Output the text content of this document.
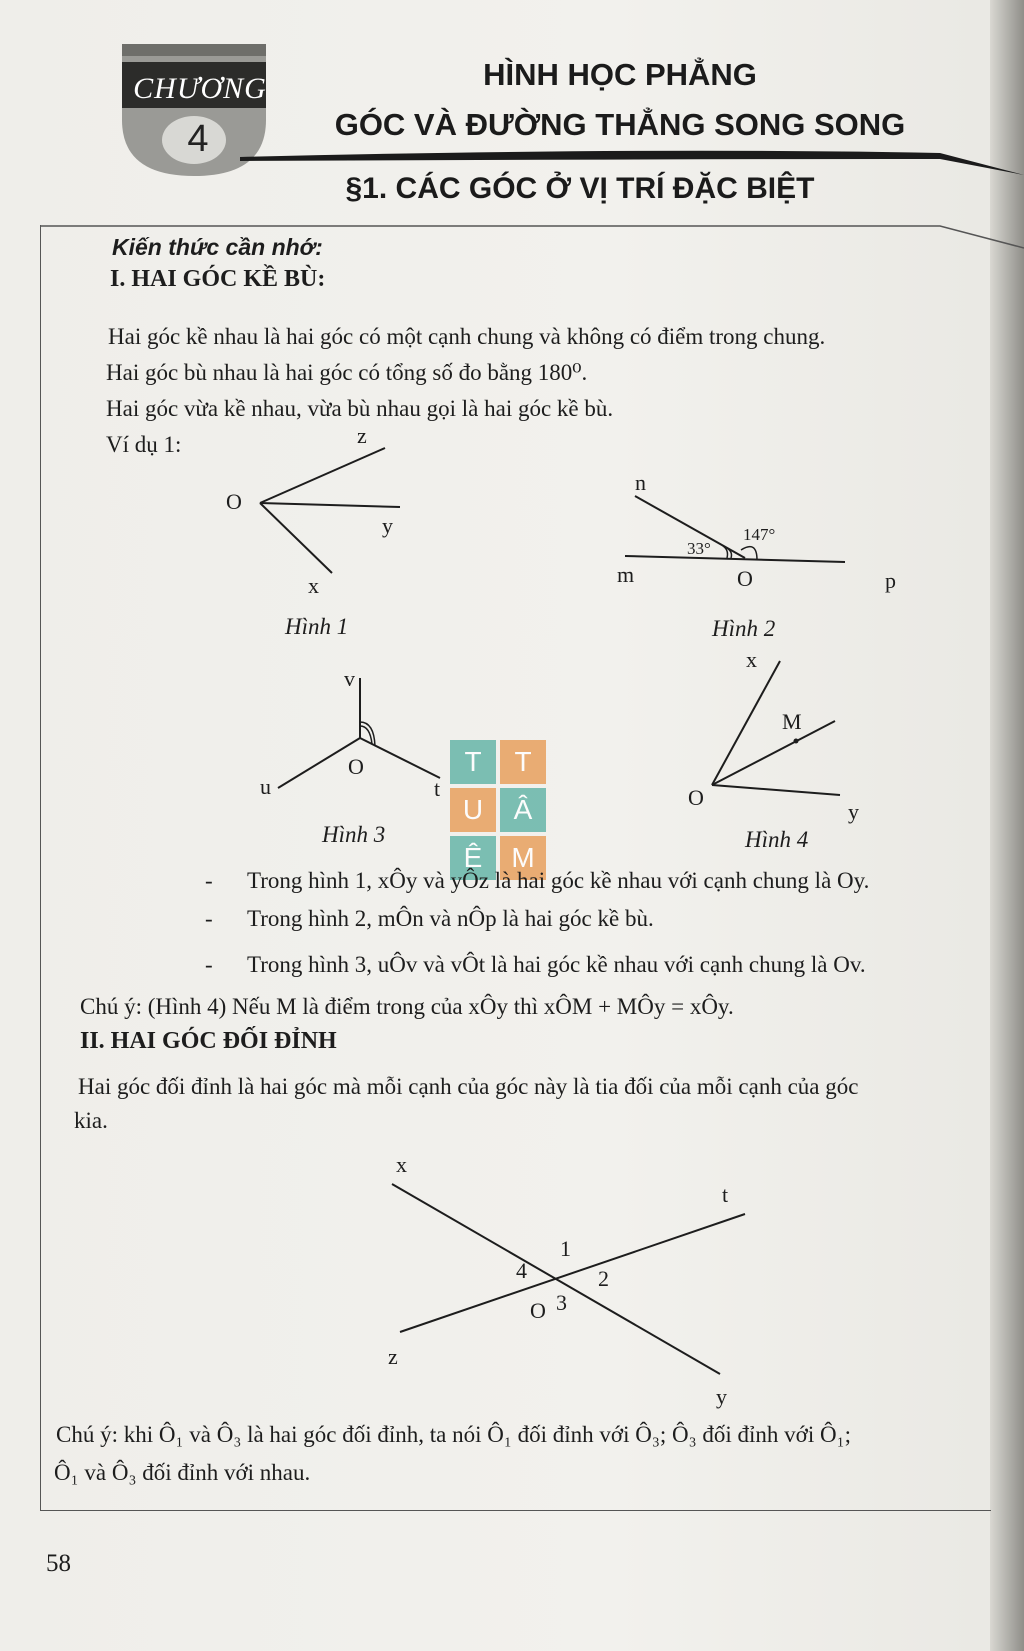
CHƯƠNG
4
HÌNH HỌC PHẲNG
GÓC VÀ ĐƯỜNG THẲNG SONG SONG
§1. CÁC GÓC Ở VỊ TRÍ ĐẶC BIỆT
Kiến thức cần nhớ:
I. HAI GÓC KỀ BÙ:
Hai góc kề nhau là hai góc có một cạnh chung và không có điểm trong chung.
Hai góc bù nhau là hai góc có tổng số đo bằng 180⁰.
Hai góc vừa kề nhau, vừa bù nhau gọi là hai góc kề bù.
Ví dụ 1:	z
O
y
x
Hình 1
n
m	O	p
33°
147°
Hình 2
v
u
O
t
Hình 3
x
M
O
y
Hình 4
T	T
U	Â
Ê	M
- Trong hình 1, xÔy và yÔz là hai góc kề nhau với cạnh chung là Oy.
- Trong hình 2, mÔn và nÔp là hai góc kề bù.
- Trong hình 3, uÔv và vÔt là hai góc kề nhau với cạnh chung là Ov.
Chú ý: (Hình 4) Nếu M là điểm trong của xÔy thì xÔM + MÔy = xÔy.
II. HAI GÓC ĐỐI ĐỈNH
Hai góc đối đỉnh là hai góc mà mỗi cạnh của góc này là tia đối của mỗi cạnh của góc
kia.
x
t
z
y
O
1
2
3
4
Chú ý: khi Ô₁ và Ô₃ là hai góc đối đỉnh, ta nói Ô₁ đối đỉnh với Ô₃; Ô₃ đối đỉnh với Ô₁;
Ô₁ và Ô₃ đối đỉnh với nhau.
58
